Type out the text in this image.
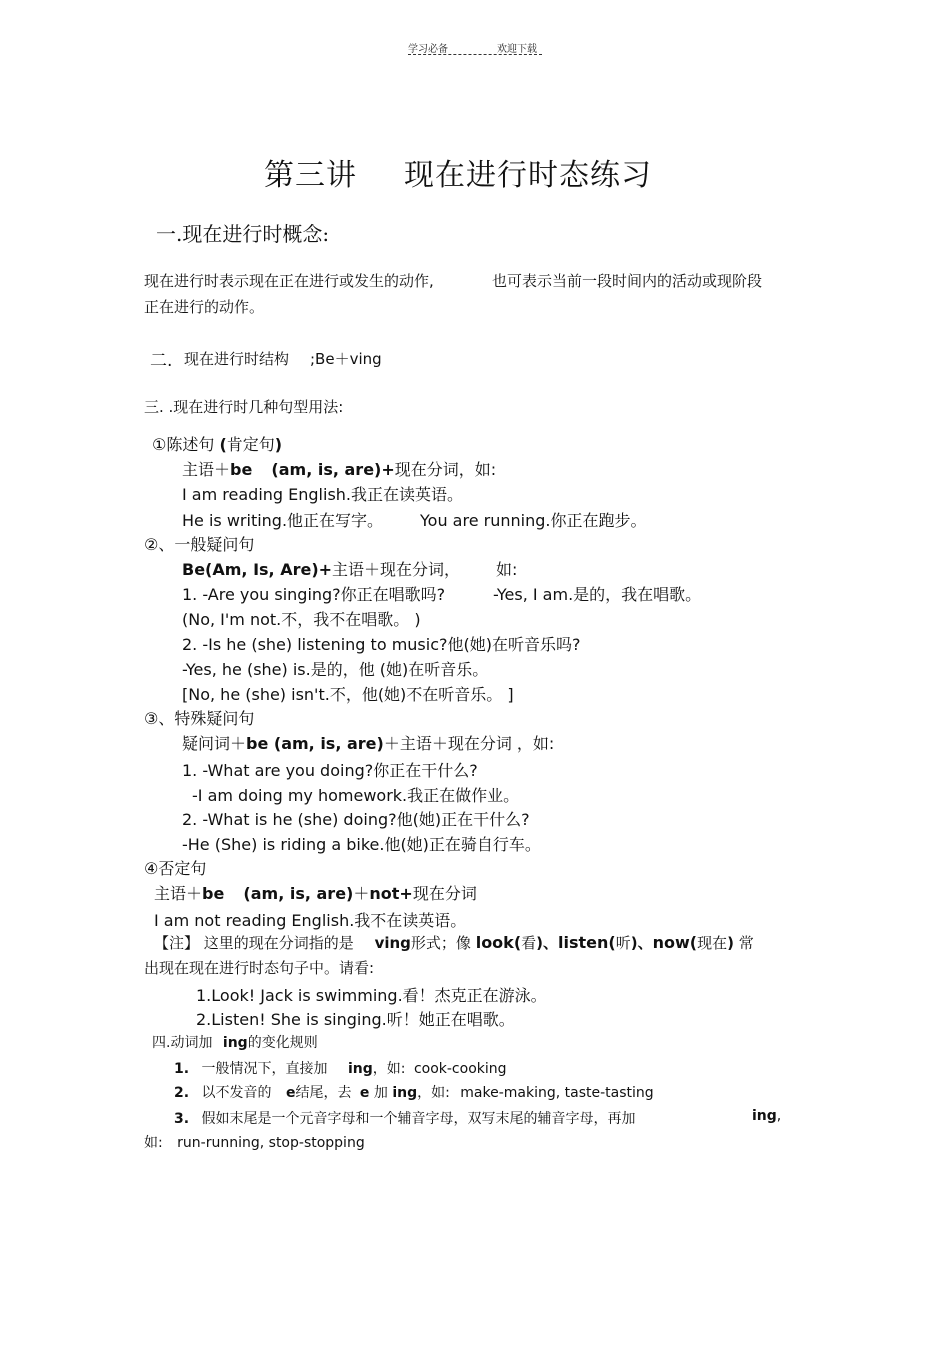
学习必备	欢迎下载
第三讲 现在进行时态练习
一.现在进行时概念:
现在进行时表示现在正在进行或发生的动作,	也可表示当前一段时间内的活动或现阶段
正在进行的动作。
二. 现在进行时结构 ;Be＋ving
三. .现在进行时几种句型用法:
①陈述句 (肯定句)
主语＋be (am, is, are)+现在分词，如:
I am reading English.我正在读英语。
He is writing.他正在写字。 You are running.你正在跑步。
②、一般疑问句
Be(Am, Is, Are)+主语＋现在分词， 如:
1. -Are you singing?你正在唱歌吗?	-Yes, I am.是的，我在唱歌。
(No, I'm not.不，我不在唱歌。 )
2. -Is he (she) listening to music?他(她)在听音乐吗?
-Yes, he (she) is.是的，他 (她)在听音乐。
[No, he (she) isn't.不，他(她)不在听音乐。 ]
③、特殊疑问句
疑问词＋be (am, is, are)＋主语＋现在分词 ，如:
1. -What are you doing?你正在干什么?
-I am doing my homework.我正在做作业。
2. -What is he (she) doing?他(她)正在干什么?
-He (She) is riding a bike.他(她)正在骑自行车。
④否定句
主语＋be (am, is, are)＋not+现在分词
I am not reading English.我不在读英语。
【注】 这里的现在分词指的是 ving形式；像 look(看)、listen(听)、now(现在) 常
出现在现在进行时态句子中。请看:
1.Look! Jack is swimming.看！杰克正在游泳。
2.Listen! She is singing.听！她正在唱歌。
四.动词加 ing的变化规则
1. 一般情况下，直接加 ing，如: cook-cooking
2. 以不发音的 e结尾，去 e 加 ing，如: make-making, taste-tasting
3. 假如末尾是一个元音字母和一个辅音字母，双写末尾的辅音字母，再加	ing,
如: run-running, stop-stopping
